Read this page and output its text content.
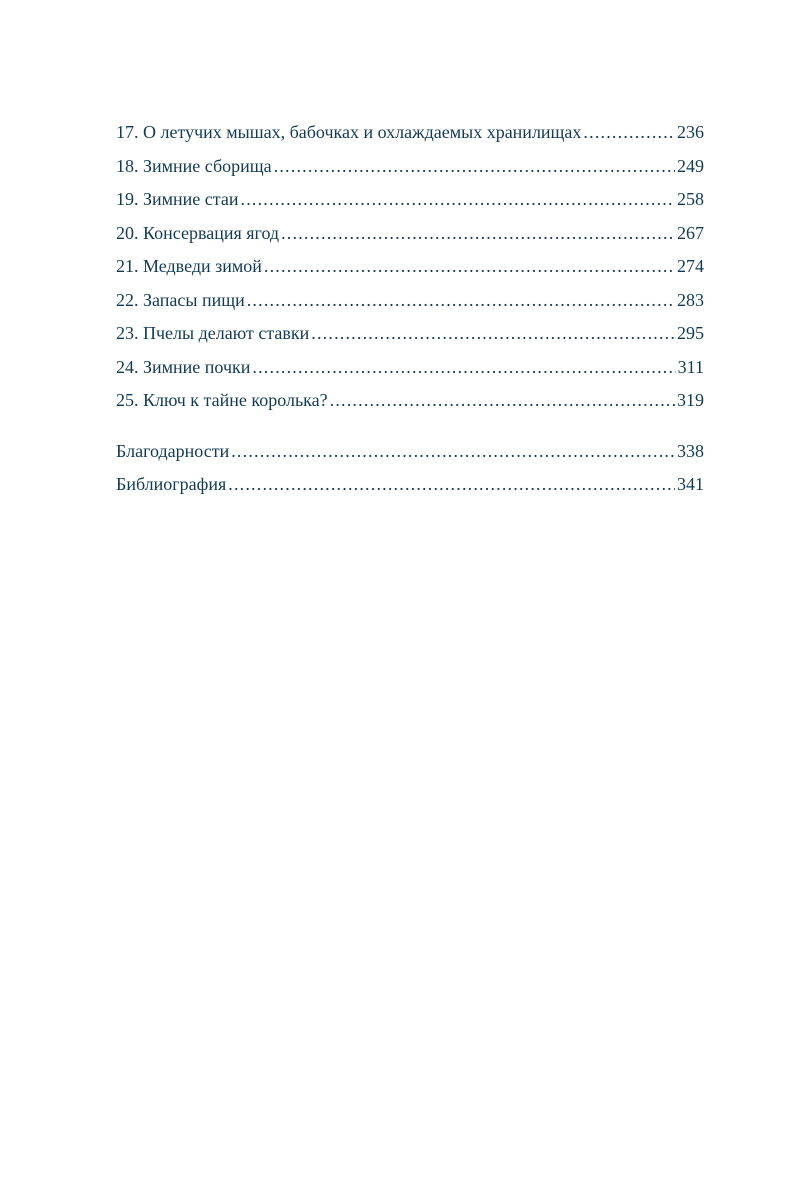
17. О летучих мышах, бабочках и охлаждаемых хранилищах .....	236
18. Зимние сборища .....	249
19. Зимние стаи .....	258
20. Консервация ягод .....	267
21. Медведи зимой .....	274
22. Запасы пищи .....	283
23. Пчелы делают ставки .....	295
24. Зимние почки .....	311
25. Ключ к тайне королька? .....	319
Благодарности .....	338
Библиография .....	341
